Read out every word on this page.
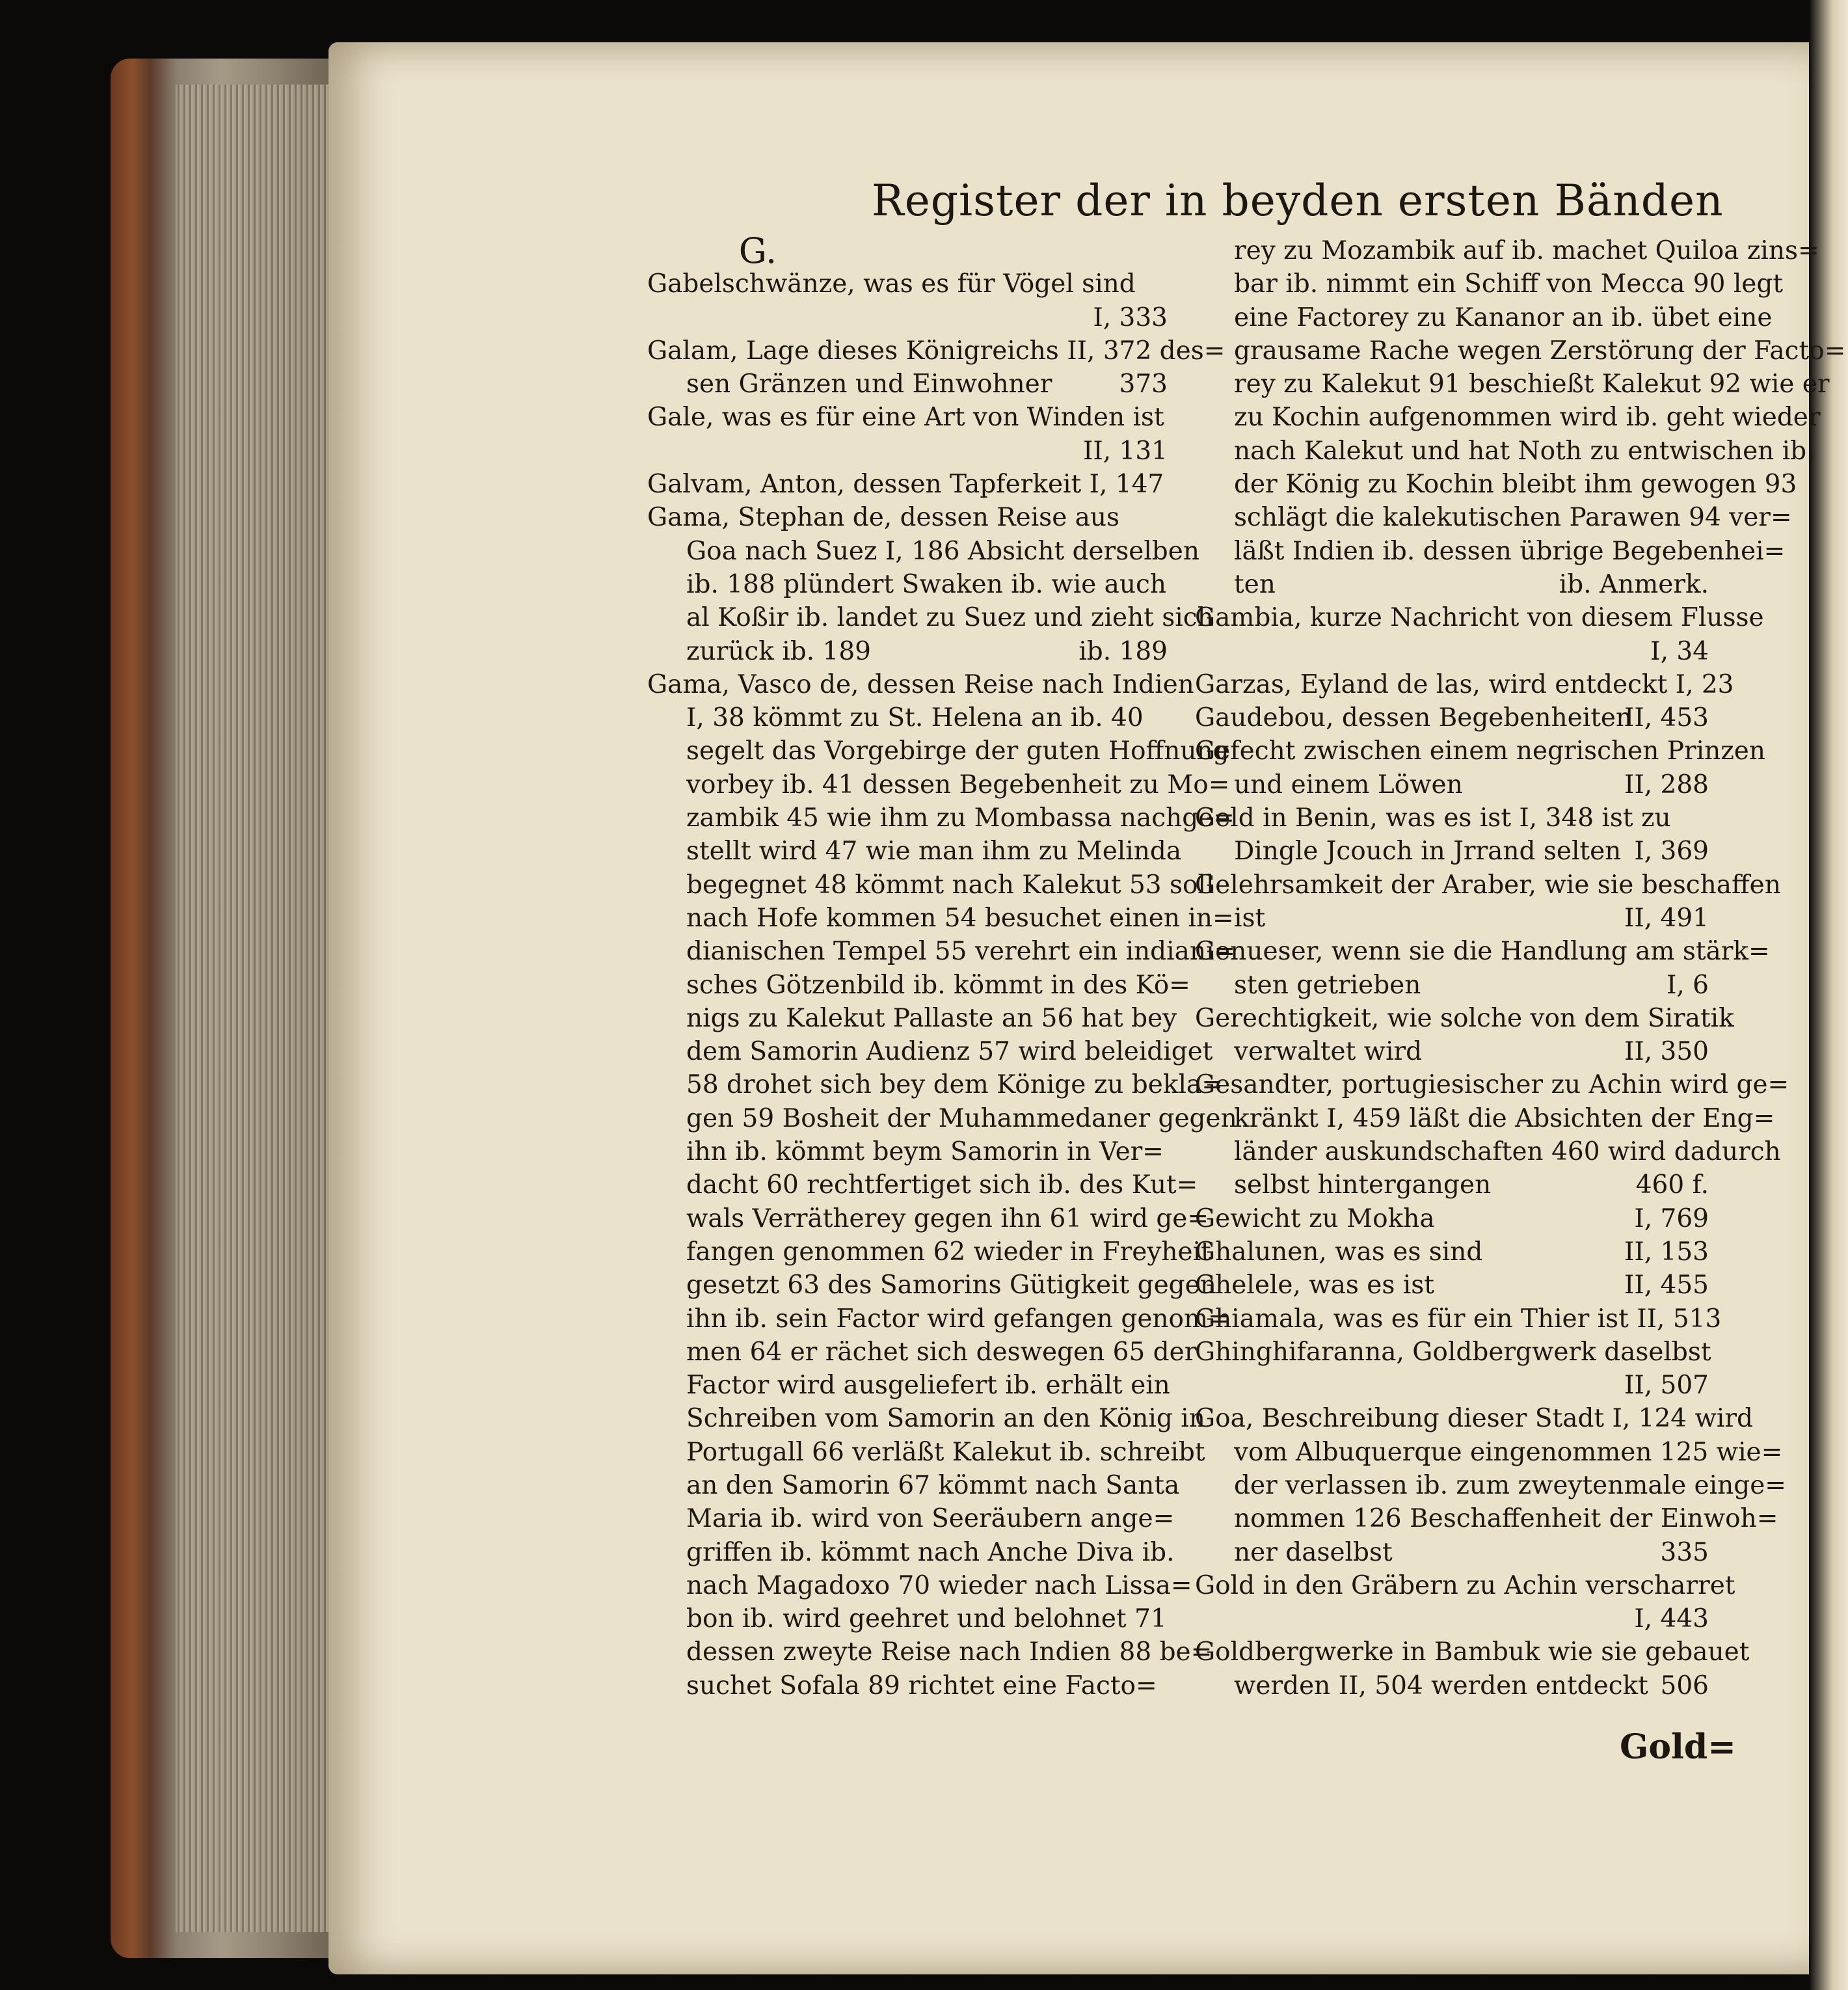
Register der in beyden ersten Bänden
G.
Gabelschwänze, was es für Vögel sind
I, 333
Galam, Lage dieses Königreichs II, 372 des=
sen Gränzen und Einwohner	373
Gale, was es für eine Art von Winden ist
II, 131
Galvam, Anton, dessen Tapferkeit I, 147
Gama, Stephan de, dessen Reise aus
Goa nach Suez I, 186 Absicht derselben
ib. 188 plündert Swaken ib. wie auch
al Koßir ib. landet zu Suez und zieht sich
zurück ib. 189	ib. 189
Gama, Vasco de, dessen Reise nach Indien
I, 38 kömmt zu St. Helena an ib. 40
segelt das Vorgebirge der guten Hoffnung
vorbey ib. 41 dessen Begebenheit zu Mo=
zambik 45 wie ihm zu Mombassa nachge=
stellt wird 47 wie man ihm zu Melinda
begegnet 48 kömmt nach Kalekut 53 soll
nach Hofe kommen 54 besuchet einen in=
dianischen Tempel 55 verehrt ein indiani=
sches Götzenbild ib. kömmt in des Kö=
nigs zu Kalekut Pallaste an 56 hat bey
dem Samorin Audienz 57 wird beleidiget
58 drohet sich bey dem Könige zu bekla=
gen 59 Bosheit der Muhammedaner gegen
ihn ib. kömmt beym Samorin in Ver=
dacht 60 rechtfertiget sich ib. des Kut=
wals Verrätherey gegen ihn 61 wird ge=
fangen genommen 62 wieder in Freyheit
gesetzt 63 des Samorins Gütigkeit gegen
ihn ib. sein Factor wird gefangen genom=
men 64 er rächet sich deswegen 65 der
Factor wird ausgeliefert ib. erhält ein
Schreiben vom Samorin an den König in
Portugall 66 verläßt Kalekut ib. schreibt
an den Samorin 67 kömmt nach Santa
Maria ib. wird von Seeräubern ange=
griffen ib. kömmt nach Anche Diva ib.
nach Magadoxo 70 wieder nach Lissa=
bon ib. wird geehret und belohnet 71
dessen zweyte Reise nach Indien 88 be=
suchet Sofala 89 richtet eine Facto=
rey zu Mozambik auf ib. machet Quiloa zins=
bar ib. nimmt ein Schiff von Mecca 90 legt
eine Factorey zu Kananor an ib. übet eine
grausame Rache wegen Zerstörung der Facto=
rey zu Kalekut 91 beschießt Kalekut 92 wie er
zu Kochin aufgenommen wird ib. geht wieder
nach Kalekut und hat Noth zu entwischen ib.
der König zu Kochin bleibt ihm gewogen 93
schlägt die kalekutischen Parawen 94 ver=
läßt Indien ib. dessen übrige Begebenhei=
ten	ib. Anmerk.
Gambia, kurze Nachricht von diesem Flusse
I, 34
Garzas, Eyland de las, wird entdeckt I, 23
Gaudebou, dessen Begebenheiten
II, 453
Gefecht zwischen einem negrischen Prinzen
und einem Löwen	II, 288
Geld in Benin, was es ist I, 348 ist zu
Dingle Jcouch in Jrrand selten I, 369
Gelehrsamkeit der Araber, wie sie beschaffen
ist	II, 491
Genueser, wenn sie die Handlung am stärk=
sten getrieben	I, 6
Gerechtigkeit, wie solche von dem Siratik
verwaltet wird	II, 350
Gesandter, portugiesischer zu Achin wird ge=
kränkt I, 459 läßt die Absichten der Eng=
länder auskundschaften 460 wird dadurch
selbst hintergangen	460 f.
Gewicht zu Mokha	I, 769
Ghalunen, was es sind	II, 153
Ghelele, was es ist	II, 455
Ghiamala, was es für ein Thier ist II, 513
Ghinghifaranna, Goldbergwerk daselbst
II, 507
Goa, Beschreibung dieser Stadt I, 124 wird
vom Albuquerque eingenommen 125 wie=
der verlassen ib. zum zweytenmale einge=
nommen 126 Beschaffenheit der Einwoh=
ner daselbst	335
Gold in den Gräbern zu Achin verscharret
I, 443
Goldbergwerke in Bambuk wie sie gebauet
werden II, 504 werden entdeckt 506
Gold=
